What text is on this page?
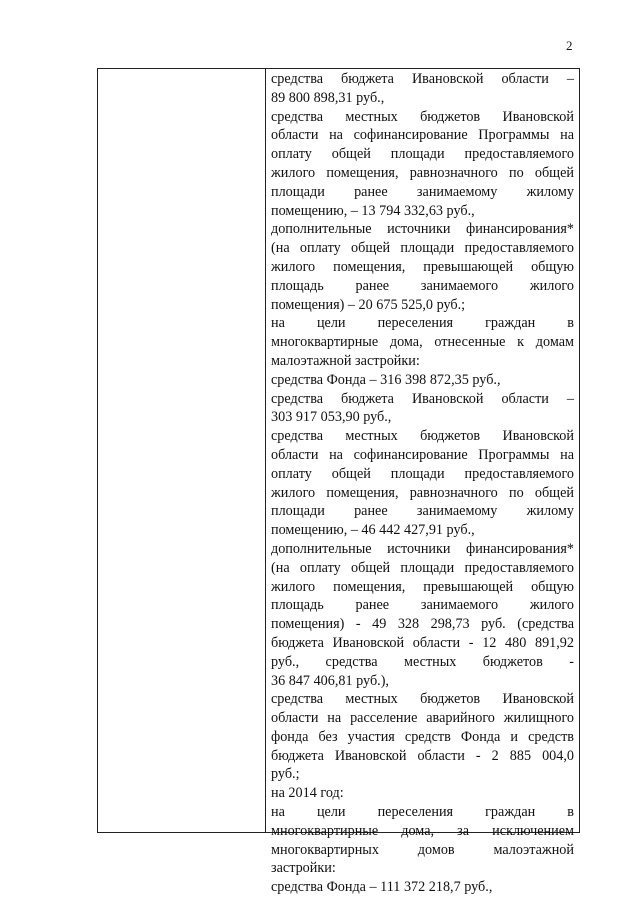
2
средства бюджета Ивановской области –
89 800 898,31 руб.,
средства местных бюджетов Ивановской
области на софинансирование Программы на
оплату общей площади предоставляемого
жилого помещения, равнозначного по общей
площади ранее занимаемому жилому
помещению, – 13 794 332,63 руб.,
дополнительные источники финансирования*
(на оплату общей площади предоставляемого
жилого помещения, превышающей общую
площадь ранее занимаемого жилого
помещения) – 20 675 525,0 руб.;
на цели переселения граждан в
многоквартирные дома, отнесенные к домам
малоэтажной застройки:
средства Фонда – 316 398 872,35 руб.,
средства бюджета Ивановской области –
303 917 053,90 руб.,
средства местных бюджетов Ивановской
области на софинансирование Программы на
оплату общей площади предоставляемого
жилого помещения, равнозначного по общей
площади ранее занимаемому жилому
помещению, – 46 442 427,91 руб.,
дополнительные источники финансирования*
(на оплату общей площади предоставляемого
жилого помещения, превышающей общую
площадь ранее занимаемого жилого
помещения) - 49 328 298,73 руб. (средства
бюджета Ивановской области - 12 480 891,92
руб., средства местных бюджетов -
36 847 406,81 руб.),
средства местных бюджетов Ивановской
области на расселение аварийного жилищного
фонда без участия средств Фонда и средств
бюджета Ивановской области - 2 885 004,0
руб.;
на 2014 год:
на цели переселения граждан в
многоквартирные дома, за исключением
многоквартирных домов малоэтажной
застройки:
средства Фонда – 111 372 218,7 руб.,
